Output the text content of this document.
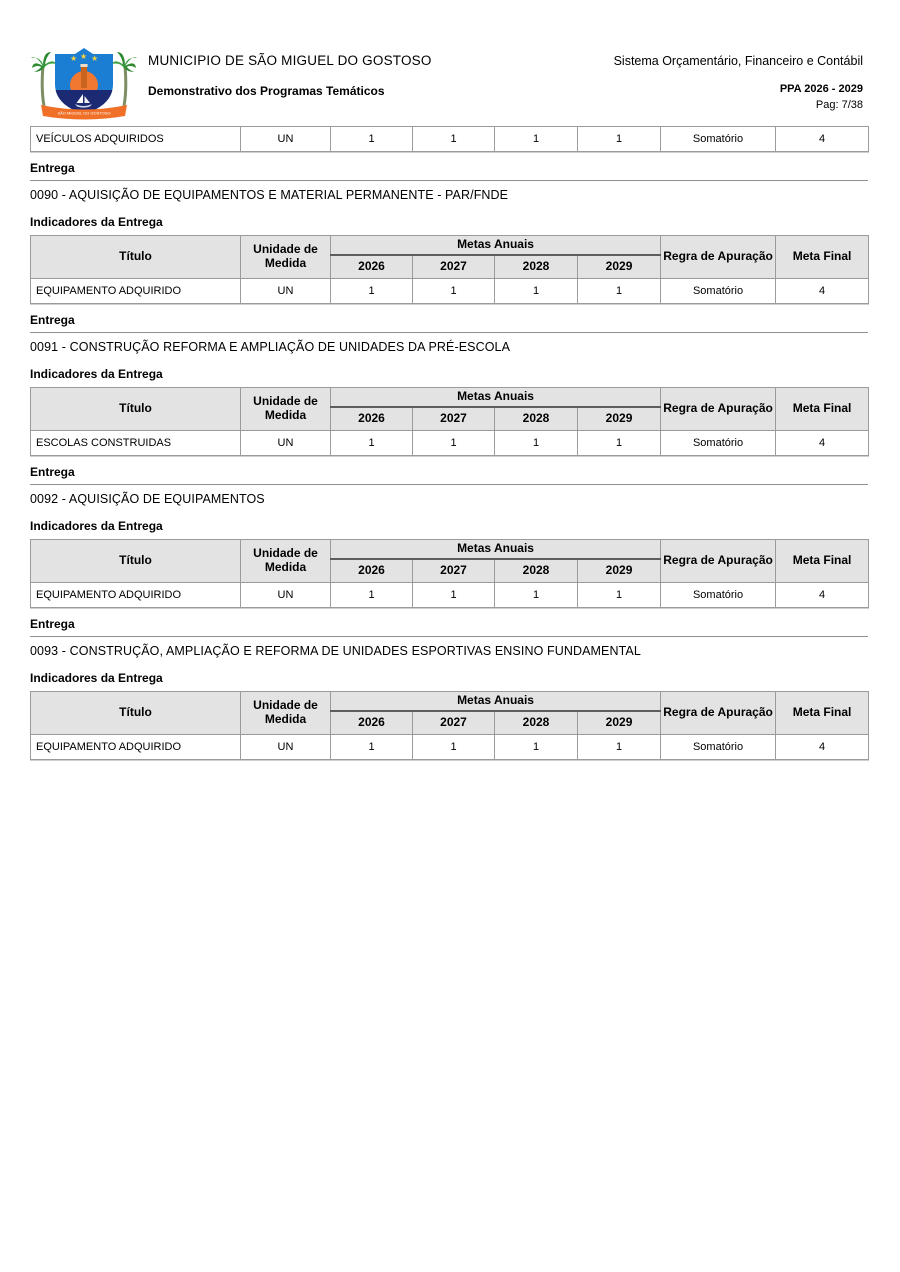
★ ★ ★
SÃO MIGUEL DO GOSTOSO
MUNICIPIO DE SÃO MIGUEL DO GOSTOSO
Demonstrativo dos Programas Temáticos
Sistema Orçamentário, Financeiro e Contábil
PPA 2026 - 2029
Pag: 7/38
VEÍCULOS ADQUIRIDOS	UN	1	1	1	1	Somatório	4
Entrega
0090 - AQUISIÇÃO DE EQUIPAMENTOS E MATERIAL PERMANENTE - PAR/FNDE
Indicadores da Entrega
Título	Unidade de Medida	Metas Anuais				Regra de Apuração	Meta Final
		2026	2027	2028	2029		
EQUIPAMENTO ADQUIRIDO	UN	1	1	1	1	Somatório	4
Entrega
0091 - CONSTRUÇÃO REFORMA E AMPLIAÇÃO DE UNIDADES DA PRÉ-ESCOLA
Indicadores da Entrega
Título	Unidade de Medida	Metas Anuais				Regra de Apuração	Meta Final
		2026	2027	2028	2029		
ESCOLAS CONSTRUIDAS	UN	1	1	1	1	Somatório	4
Entrega
0092 - AQUISIÇÃO DE EQUIPAMENTOS
Indicadores da Entrega
Título	Unidade de Medida	Metas Anuais				Regra de Apuração	Meta Final
		2026	2027	2028	2029		
EQUIPAMENTO ADQUIRIDO	UN	1	1	1	1	Somatório	4
Entrega
0093 - CONSTRUÇÃO, AMPLIAÇÃO E REFORMA DE UNIDADES ESPORTIVAS ENSINO FUNDAMENTAL
Indicadores da Entrega
Título	Unidade de Medida	Metas Anuais				Regra de Apuração	Meta Final
		2026	2027	2028	2029		
EQUIPAMENTO ADQUIRIDO	UN	1	1	1	1	Somatório	4
